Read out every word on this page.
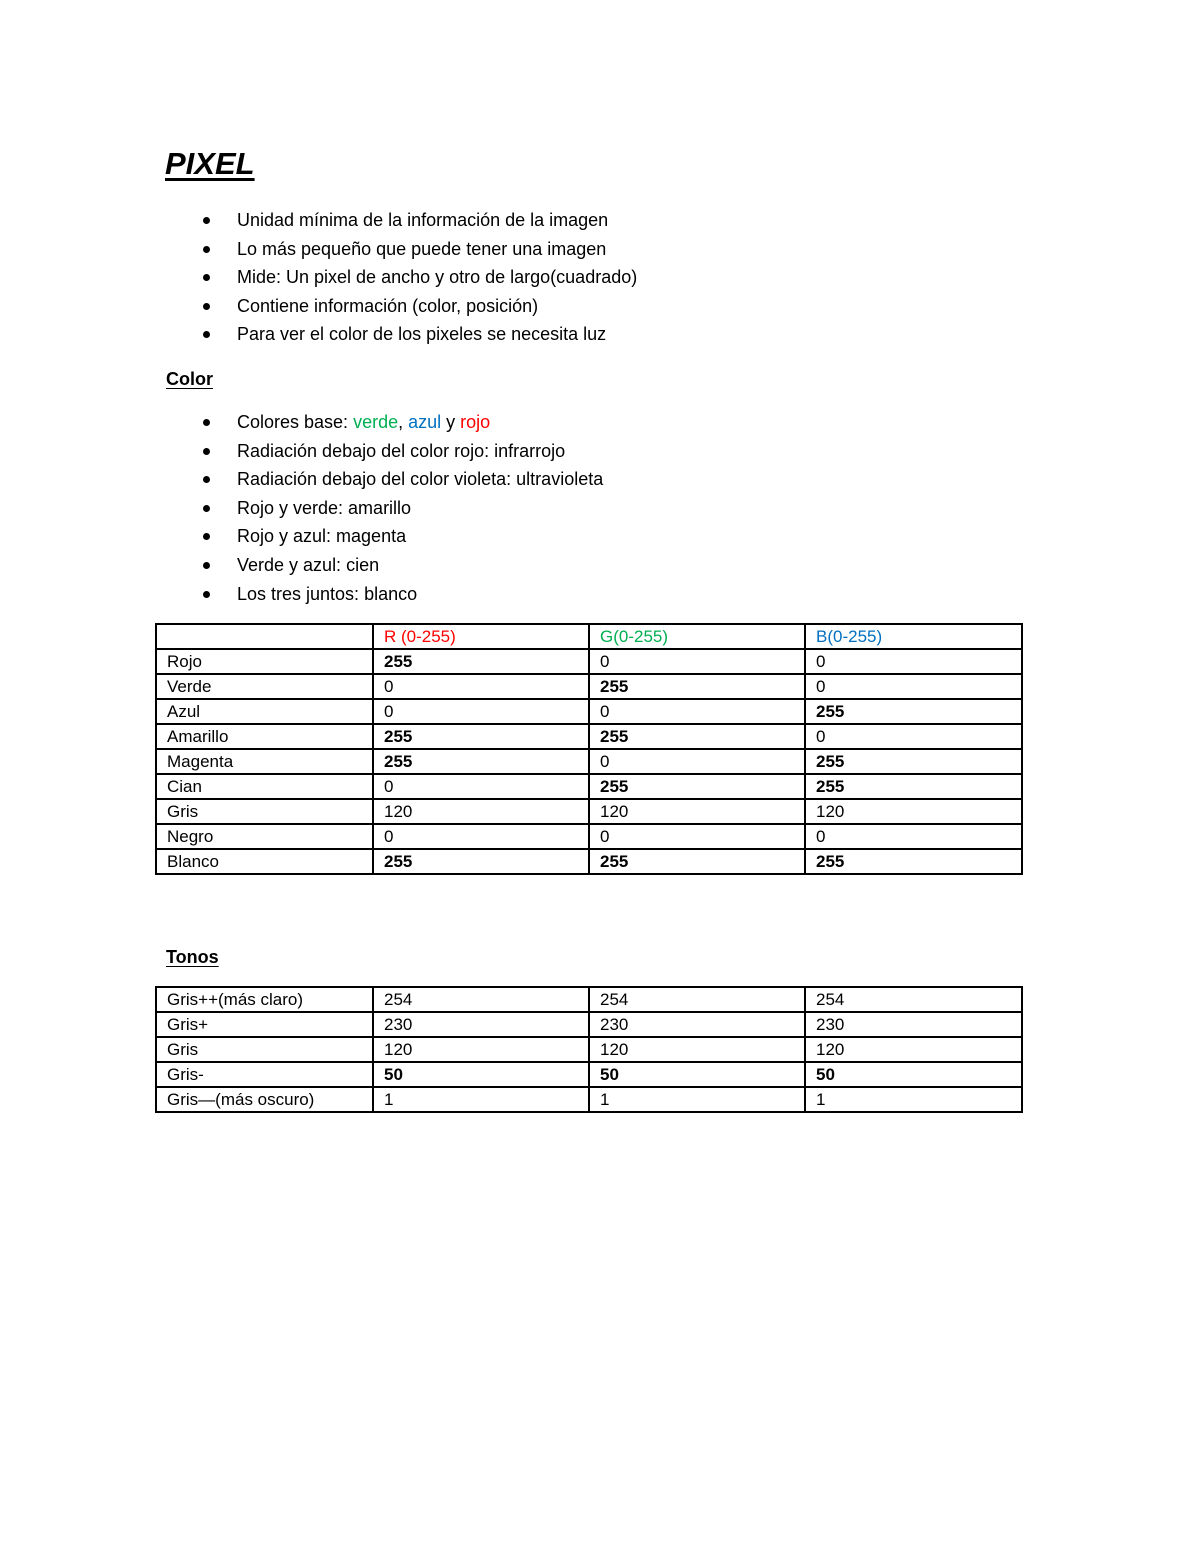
PIXEL
Unidad mínima de la información de la imagen
Lo más pequeño que puede tener una imagen
Mide: Un pixel de ancho y otro de largo(cuadrado)
Contiene información (color, posición)
Para ver el color de los pixeles se necesita luz
Color
Colores base: verde, azul y rojo
Radiación debajo del color rojo: infrarrojo
Radiación debajo del color violeta: ultravioleta
Rojo y verde: amarillo
Rojo y azul: magenta
Verde y azul: cien
Los tres juntos: blanco
	R (0-255)	G(0-255)	B(0-255)
Rojo	255	0	0
Verde	0	255	0
Azul	0	0	255
Amarillo	255	255	0
Magenta	255	0	255
Cian	0	255	255
Gris	120	120	120
Negro	0	0	0
Blanco	255	255	255
Tonos
Gris++(más claro)	254	254	254
Gris+	230	230	230
Gris	120	120	120
Gris-	50	50	50
Gris—(más oscuro)	1	1	1
